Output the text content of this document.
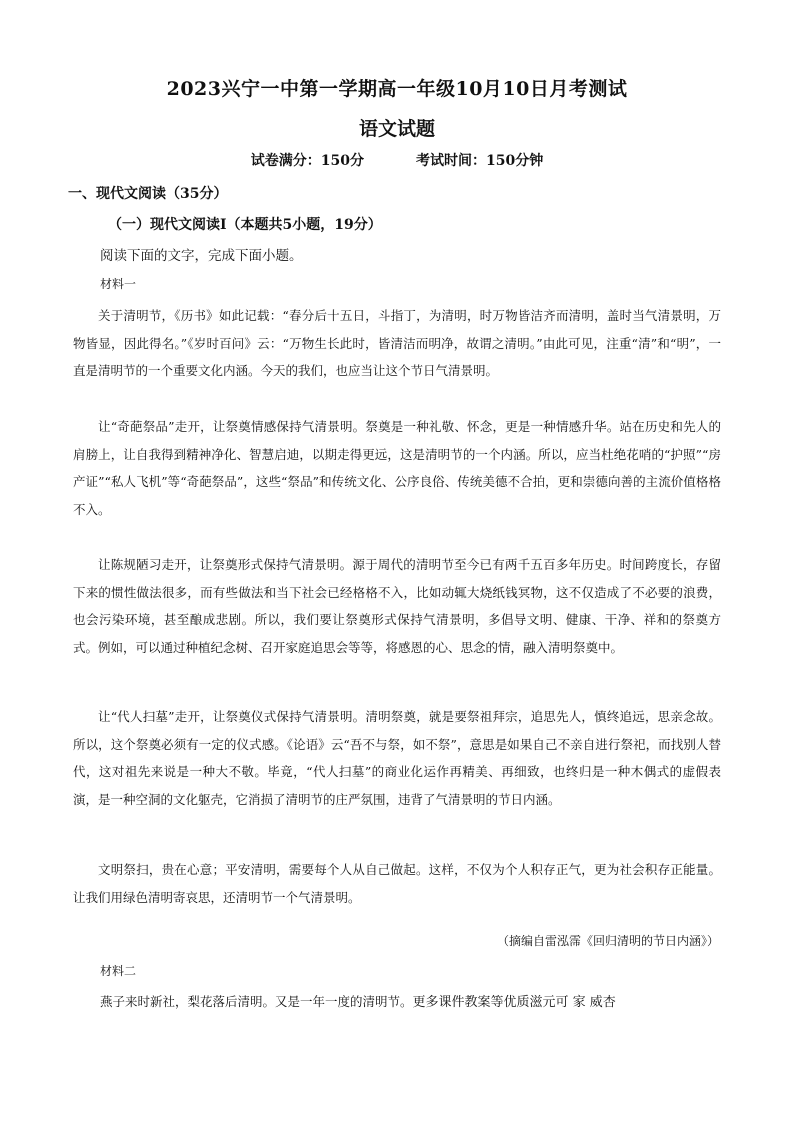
2023兴宁一中第一学期高一年级10月10日月考测试
语文试题
试卷满分：150分	考试时间：150分钟
一、现代文阅读（35分）
（一）现代文阅读Ⅰ（本题共5小题，19分）
阅读下面的文字，完成下面小题。
材料一

关于清明节，《历书》如此记载：“春分后十五日，斗指丁，为清明，时万物皆洁齐而清明，盖时当气清景明，万物皆显，因此得名。”《岁时百问》云：“万物生长此时，皆清洁而明净，故谓之清明。”由此可见，注重“清”和“明”，一直是清明节的一个重要文化内涵。今天的我们，也应当让这个节日气清景明。

让“奇葩祭品”走开，让祭奠情感保持气清景明。祭奠是一种礼敬、怀念，更是一种情感升华。站在历史和先人的肩膀上，让自我得到精神净化、智慧启迪，以期走得更远，这是清明节的一个内涵。所以，应当杜绝花哨的“护照”“房产证”“私人飞机”等“奇葩祭品”，这些“祭品”和传统文化、公序良俗、传统美德不合拍，更和崇德向善的主流价值格格不入。

让陈规陋习走开，让祭奠形式保持气清景明。源于周代的清明节至今已有两千五百多年历史。时间跨度长，存留下来的惯性做法很多，而有些做法和当下社会已经格格不入，比如动辄大烧纸钱冥物，这不仅造成了不必要的浪费，也会污染环境，甚至酿成悲剧。所以，我们要让祭奠形式保持气清景明，多倡导文明、健康、干净、祥和的祭奠方式。例如，可以通过种植纪念树、召开家庭追思会等等，将感恩的心、思念的情，融入清明祭奠中。

让“代人扫墓”走开，让祭奠仪式保持气清景明。清明祭奠，就是要祭祖拜宗，追思先人，慎终追远，思亲念故。所以，这个祭奠必须有一定的仪式感。《论语》云“吾不与祭，如不祭”，意思是如果自己不亲自进行祭祀，而找别人替代，这对祖先来说是一种大不敬。毕竟，“代人扫墓”的商业化运作再精美、再细致，也终归是一种木偶式的虚假表演，是一种空洞的文化躯壳，它消损了清明节的庄严氛围，违背了气清景明的节日内涵。

文明祭扫，贵在心意；平安清明，需要每个人从自己做起。这样，不仅为个人积存正气，更为社会积存正能量。让我们用绿色清明寄哀思，还清明节一个气清景明。

（摘编自雷泓霈《回归清明的节日内涵》）
材料二
燕子来时新社，梨花落后清明。又是一年一度的清明节。更多课件教案等优质滋元可 家 威杏
